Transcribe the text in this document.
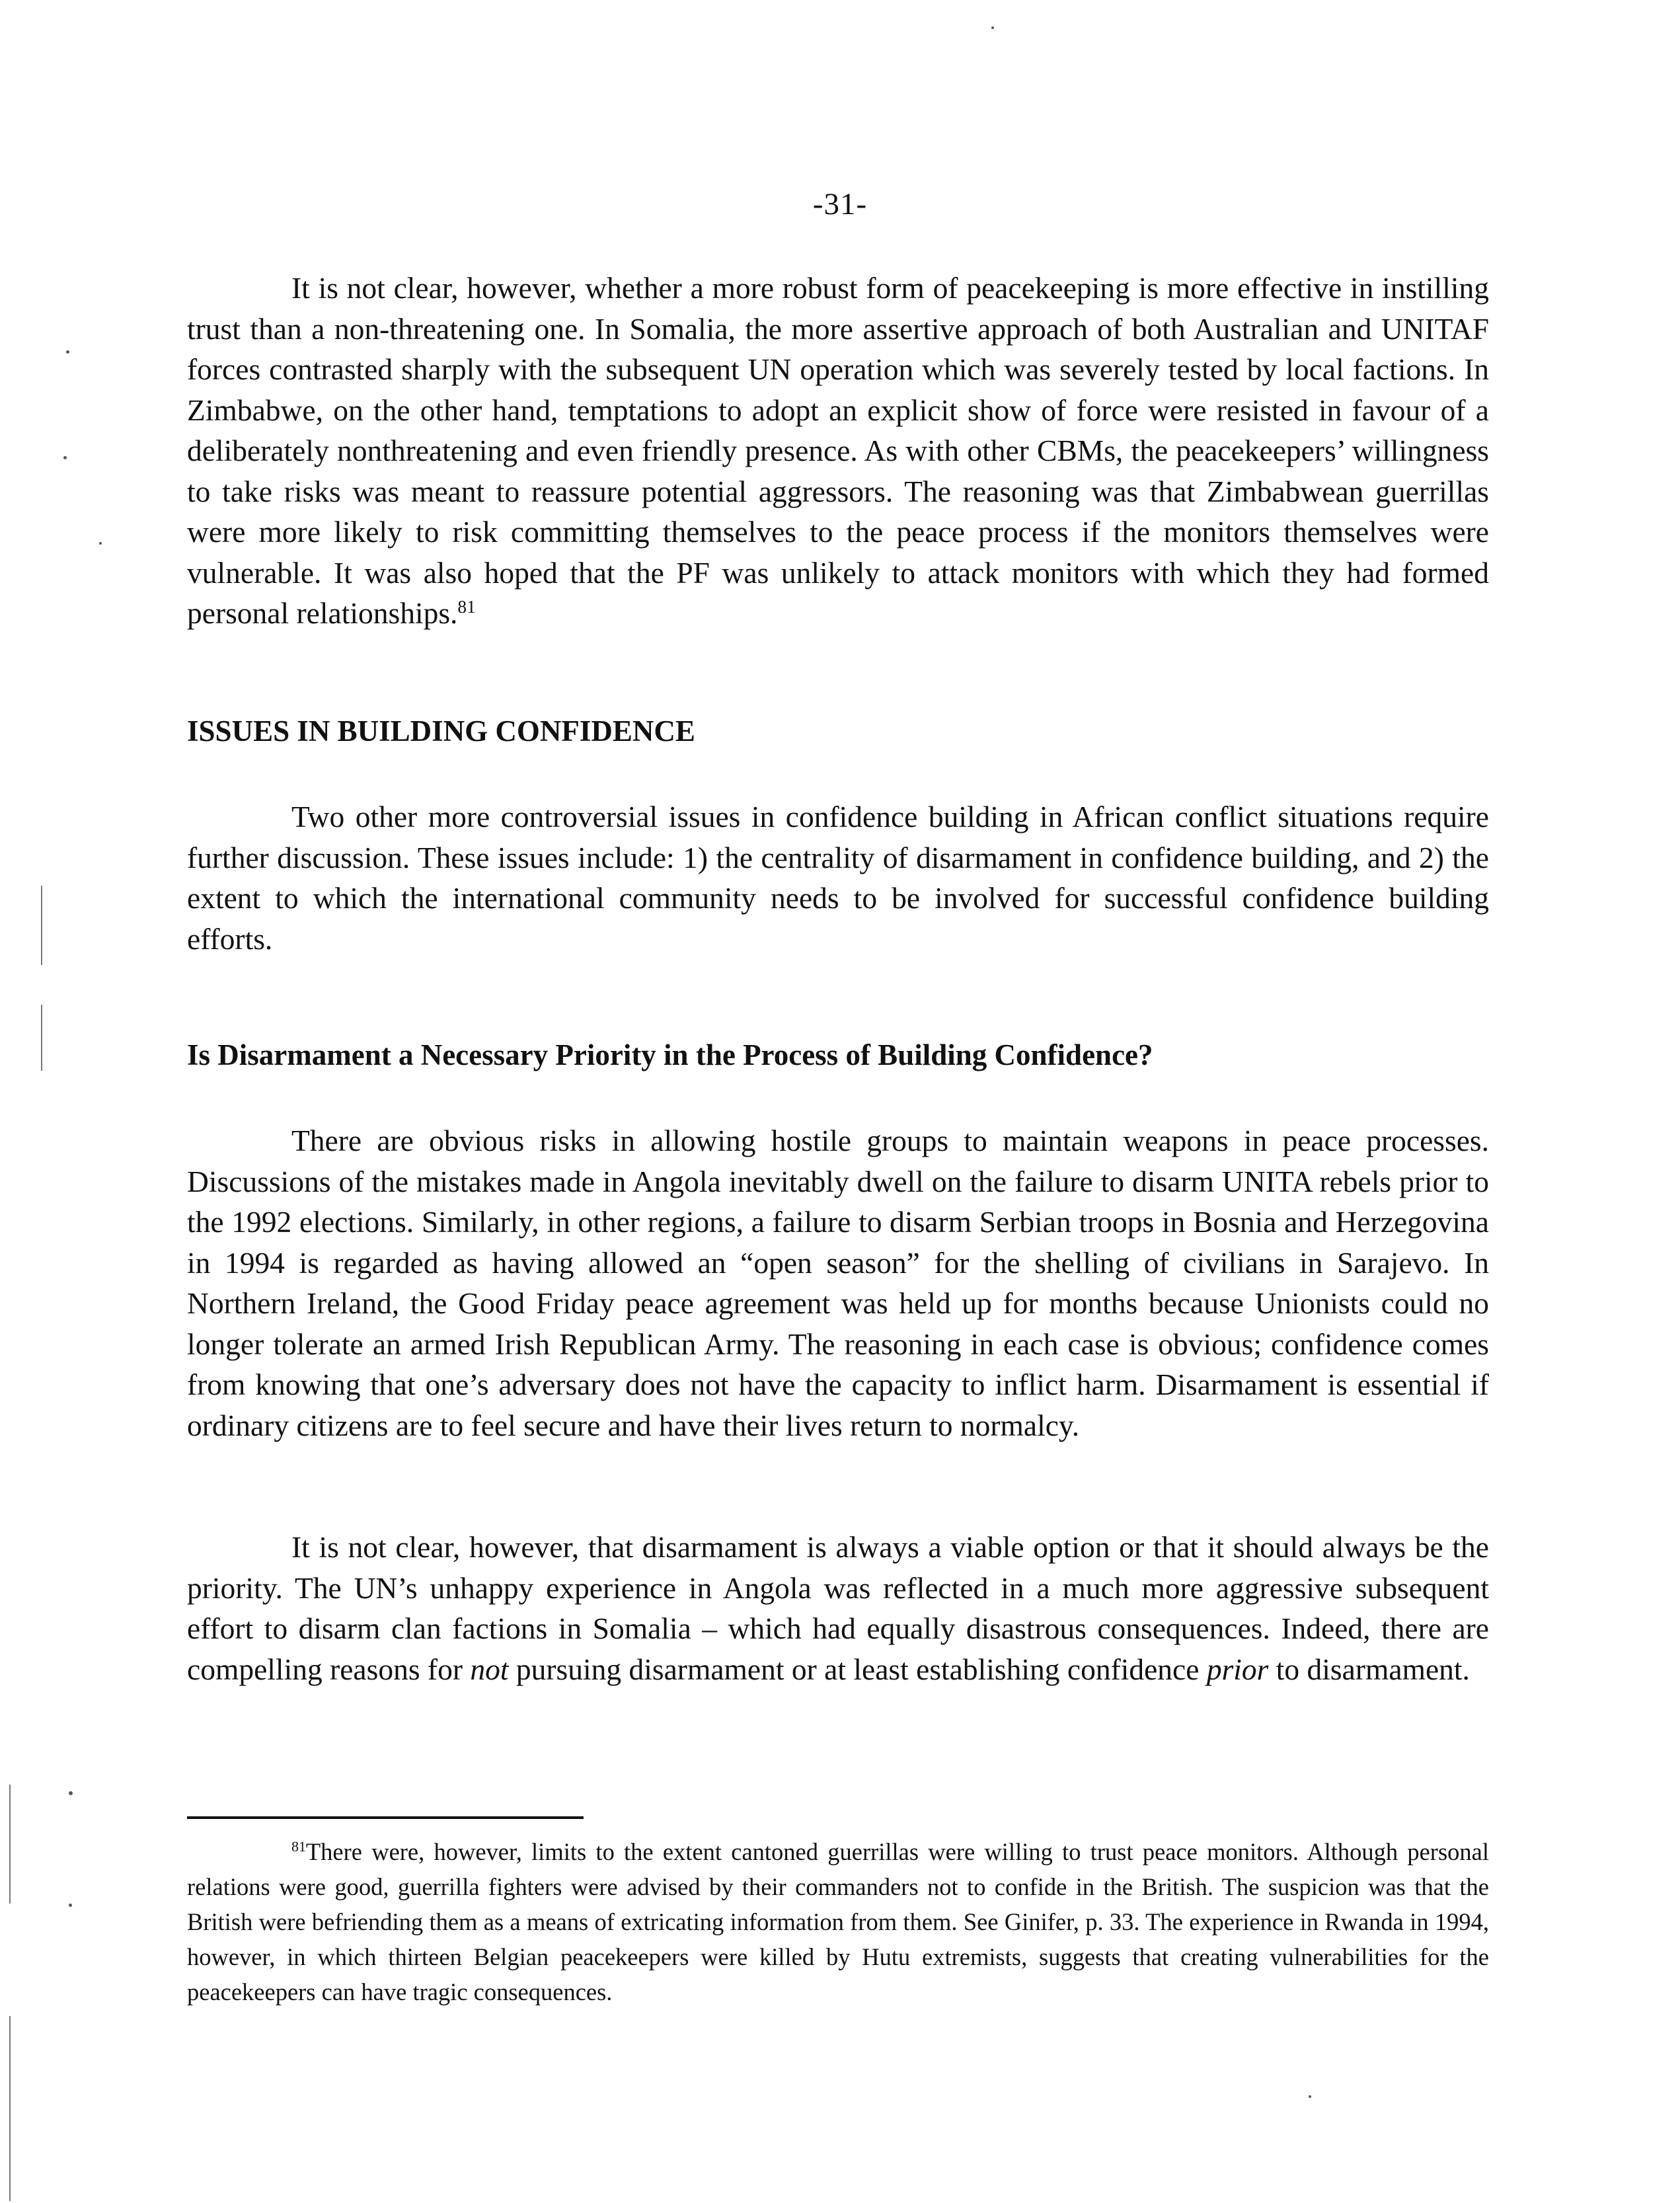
-31-

It is not clear, however, whether a more robust form of peacekeeping is more effective in instilling trust than a non-threatening one. In Somalia, the more assertive approach of both Australian and UNITAF forces contrasted sharply with the subsequent UN operation which was severely tested by local factions. In Zimbabwe, on the other hand, temptations to adopt an explicit show of force were resisted in favour of a deliberately nonthreatening and even friendly presence. As with other CBMs, the peacekeepers’ willingness to take risks was meant to reassure potential aggressors. The reasoning was that Zimbabwean guerrillas were more likely to risk committing themselves to the peace process if the monitors themselves were vulnerable. It was also hoped that the PF was unlikely to attack monitors with which they had formed personal relationships.$^{81}$

ISSUES IN BUILDING CONFIDENCE

Two other more controversial issues in confidence building in African conflict situations require further discussion. These issues include: 1) the centrality of disarmament in confidence building, and 2) the extent to which the international community needs to be involved for successful confidence building efforts.

Is Disarmament a Necessary Priority in the Process of Building Confidence?

There are obvious risks in allowing hostile groups to maintain weapons in peace processes. Discussions of the mistakes made in Angola inevitably dwell on the failure to disarm UNITA rebels prior to the 1992 elections. Similarly, in other regions, a failure to disarm Serbian troops in Bosnia and Herzegovina in 1994 is regarded as having allowed an “open season” for the shelling of civilians in Sarajevo. In Northern Ireland, the Good Friday peace agreement was held up for months because Unionists could no longer tolerate an armed Irish Republican Army. The reasoning in each case is obvious; confidence comes from knowing that one’s adversary does not have the capacity to inflict harm. Disarmament is essential if ordinary citizens are to feel secure and have their lives return to normalcy.

It is not clear, however, that disarmament is always a viable option or that it should always be the priority. The UN’s unhappy experience in Angola was reflected in a much more aggressive subsequent effort to disarm clan factions in Somalia – which had equally disastrous consequences. Indeed, there are compelling reasons for not pursuing disarmament or at least establishing confidence prior to disarmament.

$^{81}$There were, however, limits to the extent cantoned guerrillas were willing to trust peace monitors. Although personal relations were good, guerrilla fighters were advised by their commanders not to confide in the British. The suspicion was that the British were befriending them as a means of extricating information from them. See Ginifer, p. 33. The experience in Rwanda in 1994, however, in which thirteen Belgian peacekeepers were killed by Hutu extremists, suggests that creating vulnerabilities for the peacekeepers can have tragic consequences.
